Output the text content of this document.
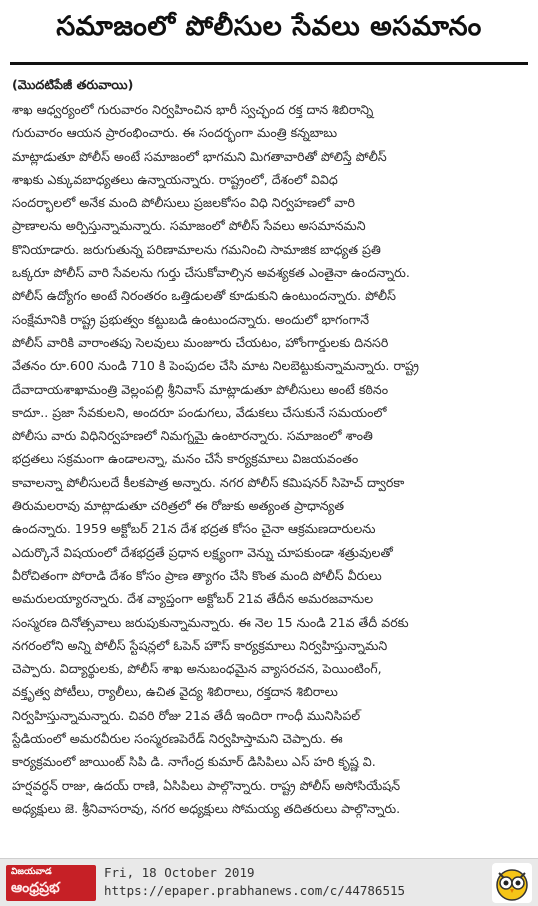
సమాజంలో పోలీసుల సేవలు అసమానం
(మొదటిపేజీ తరువాయి)
శాఖ ఆధ్వర్యంలో గురువారం నిర్వహించిన భారీ స్వచ్ఛంద రక్త దాన శిబిరాన్ని
గురువారం ఆయన ప్రారంభించారు. ఈ సందర్భంగా మంత్రి కన్నబాబు
మాట్లాడుతూ పోలీస్ అంటే సమాజంలో భాగమని మిగతావారితో పోలిస్తే పోలీస్
శాఖకు ఎక్కువబాధ్యతలు ఉన్నాయన్నారు. రాష్ట్రంలో, దేశంలో వివిధ
సందర్భాలలో అనేక మంది పోలీసులు ప్రజలకోసం విధి నిర్వహణలో వారి
ప్రాణాలను అర్పిస్తున్నామన్నారు. సమాజంలో పోలీస్ సేవలు అసమానమని
కొనియాడారు. జరుగుతున్న పరిణామాలను గమనించి సామాజిక బాధ్యత ప్రతి
ఒక్కరూ పోలీస్ వారి సేవలను గుర్తు చేసుకోవాల్సిన అవశ్యకత ఎంతైనా ఉందన్నారు.
పోలీస్ ఉద్యోగం అంటే నిరంతరం ఒత్తిడులతో కూడుకుని ఉంటుందన్నారు. పోలీస్
సంక్షేమానికి రాష్ట్ర ప్రభుత్వం కట్టుబడి ఉంటుందన్నారు. అందులో భాగంగానే
పోలీస్ వారికి వారాంతపు సెలవులు మంజూరు చేయటం, హోంగార్డులకు దినసరి
వేతనం రూ.600 నుండి 710 కి పెంపుదల చేసి మాట నిలబెట్టుకున్నామన్నారు. రాష్ట్ర
దేవాదాయశాఖామంత్రి వెల్లంపల్లి శ్రీనివాస్ మాట్లాడుతూ పోలీసులు అంటే కఠినం
కాదూ.. ప్రజా సేవకులని, అందరూ పండుగలు, వేడుకలు చేసుకునే సమయంలో
పోలీసు వారు విధినిర్వహణలో నిమగ్నమై ఉంటారన్నారు. సమాజంలో శాంతి
భద్రతలు సక్రమంగా ఉండాలన్నా, మనం చేసే కార్యక్రమాలు విజయవంతం
కావాలన్నా పోలీసులదే కీలకపాత్ర అన్నారు. నగర పోలీస్ కమిషనర్ సిహెచ్ ద్వారకా
తిరుమలరావు మాట్లాడుతూ చరిత్రలో ఈ రోజుకు అత్యంత ప్రాధాన్యత
ఉందన్నారు. 1959 అక్టోబర్ 21న దేశ భద్రత కోసం చైనా ఆక్రమణదారులను
ఎదుర్కొనే విషయంలో దేశభద్రతే ప్రధాన లక్ష్యంగా వెన్ను చూపకుండా శత్రువులతో
వీరోచితంగా పోరాడి దేశం కోసం ప్రాణ త్యాగం చేసి కొంత మంది పోలీస్ వీరులు
అమరులయ్యారన్నారు. దేశ వ్యాప్తంగా అక్టోబర్ 21వ తేదీన అమరజవానుల
సంస్మరణ దినోత్సవాలు జరుపుకున్నామన్నారు. ఈ నెల 15 నుండి 21వ తేదీ వరకు
నగరంలోని అన్ని పోలీస్ స్టేషన్లలో ఓపెన్ హౌస్ కార్యక్రమాలు నిర్వహిస్తున్నామని
చెప్పారు. విద్యార్థులకు, పోలీస్ శాఖ అనుబంధమైన వ్యాసరచన, పెయింటింగ్,
వక్తృత్వ పోటీలు, ర్యాలీలు, ఉచిత వైద్య శిబిరాలు, రక్తదాన శిబిరాలు
నిర్వహిస్తున్నామన్నారు. చివరి రోజు 21వ తేదీ ఇందిరా గాంధీ మునిసిపల్
స్టేడియంలో అమరవీరుల సంస్మరణపెరేడ్ నిర్వహిస్తామని చెప్పారు. ఈ
కార్యక్రమంలో జాయింట్ సిపి డి. నాగేంద్ర కుమార్ డిసిపిలు ఎస్ హరి కృష్ణ వి.
హర్షవర్ధన్ రాజు, ఉదయ్ రాణి, ఏసిపిలు పాల్గొన్నారు. రాష్ట్ర పోలీస్ అసోసియేషన్
అధ్యక్షులు జె. శ్రీనివాసరావు, నగర అధ్యక్షులు సోమయ్య తదితరులు పాల్గొన్నారు.
విజయవాడ
ఆంధ్రప్రభ
Fri, 18 October 2019
https://epaper.prabhanews.com/c/44786515
